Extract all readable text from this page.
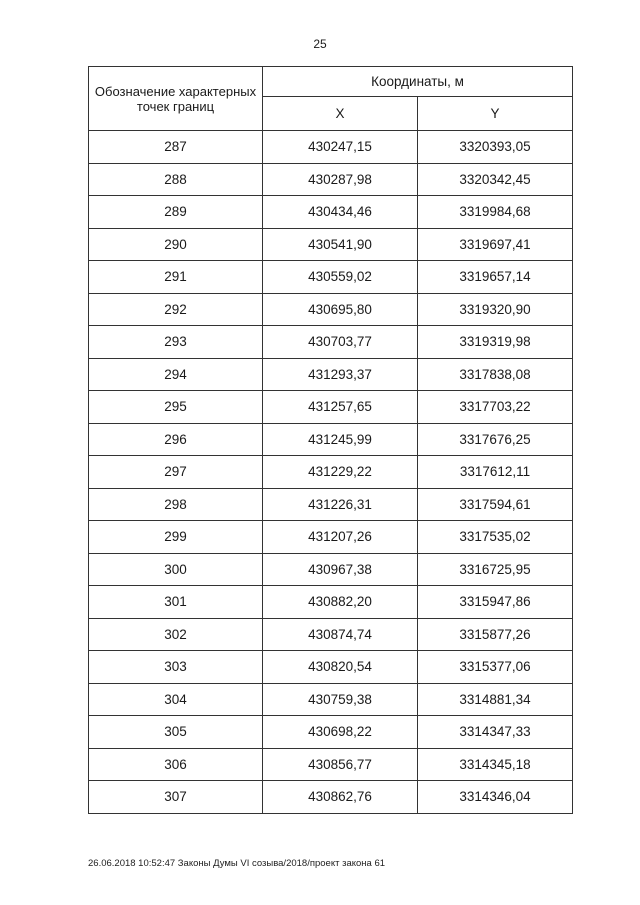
25
Обозначение характерных точек границ	Координаты, м	
	X	Y
287	430247,15	3320393,05
288	430287,98	3320342,45
289	430434,46	3319984,68
290	430541,90	3319697,41
291	430559,02	3319657,14
292	430695,80	3319320,90
293	430703,77	3319319,98
294	431293,37	3317838,08
295	431257,65	3317703,22
296	431245,99	3317676,25
297	431229,22	3317612,11
298	431226,31	3317594,61
299	431207,26	3317535,02
300	430967,38	3316725,95
301	430882,20	3315947,86
302	430874,74	3315877,26
303	430820,54	3315377,06
304	430759,38	3314881,34
305	430698,22	3314347,33
306	430856,77	3314345,18
307	430862,76	3314346,04
26.06.2018 10:52:47 Законы Думы VI созыва/2018/проект закона 61
